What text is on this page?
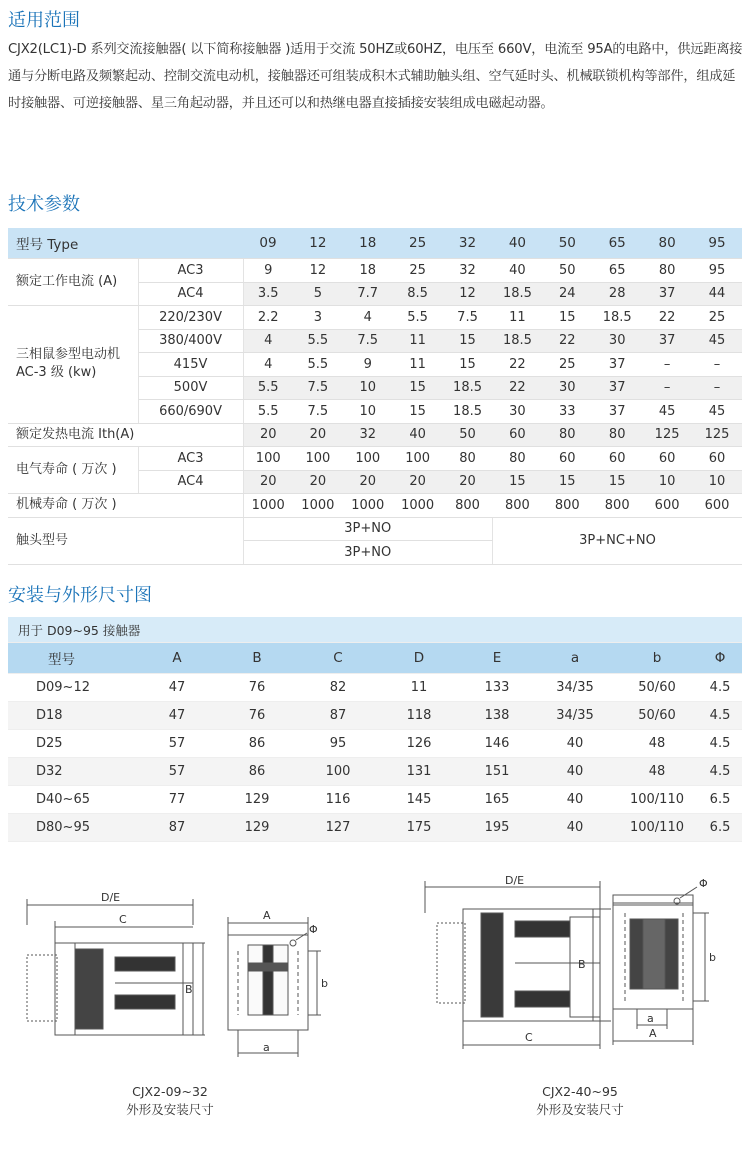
适用范围

CJX2(LC1)-D 系列交流接触器( 以下简称接触器 )适用于交流 50HZ或60HZ，电压至 660V，电流至 95A的电路中，供远距离接通与分断电路及频繁起动、控制交流电动机，接触器还可组装成积木式辅助触头组、空气延时头、机械联锁机构等部件，组成延时接触器、可逆接触器、星三角起动器，并且还可以和热继电器直接插接安装组成电磁起动器。

技术参数
型号 Type		09	12	18	25	32	40	50	65	80	95
额定工作电流 (A)	AC3	9	12	18	25	32	40	50	65	80	95
	AC4	3.5	5	7.7	8.5	12	18.5	24	28	37	44
三相鼠参型电动机
AC-3 级 (kw)	220/230V	2.2	3	4	5.5	7.5	11	15	18.5	22	25
	380/400V	4	5.5	7.5	11	15	18.5	22	30	37	45
	415V	4	5.5	9	11	15	22	25	37	–	–
	500V	5.5	7.5	10	15	18.5	22	30	37	–	–
	660/690V	5.5	7.5	10	15	18.5	30	33	37	45	45
额定发热电流 Ith(A)		20	20	32	40	50	60	80	80	125	125
电气寿命 ( 万次 )	AC3	100	100	100	100	80	80	60	60	60	60
	AC4	20	20	20	20	20	15	15	15	10	10
机械寿命 ( 万次 )		1000	1000	1000	1000	800	800	800	800	600	600
触头型号		3P+NO					3P+NC+NO				
		3P+NO									
安装与外形尺寸图
用于 D09~95 接触器								
型号	A	B	C	D	E	a	b	Φ
D09~12	47	76	82	11	133	34/35	50/60	4.5
D18	47	76	87	118	138	34/35	50/60	4.5
D25	57	86	95	126	146	40	48	4.5
D32	57	86	100	131	151	40	48	4.5
D40~65	77	129	116	145	165	40	100/110	6.5
D80~95	87	129	127	175	195	40	100/110	6.5
D/E
C
B
A
Φ
b
a
CJX2-09~32
外形及安装尺寸
D/E
C
B
A
Φ
b
a
CJX2-40~95
外形及安装尺寸
